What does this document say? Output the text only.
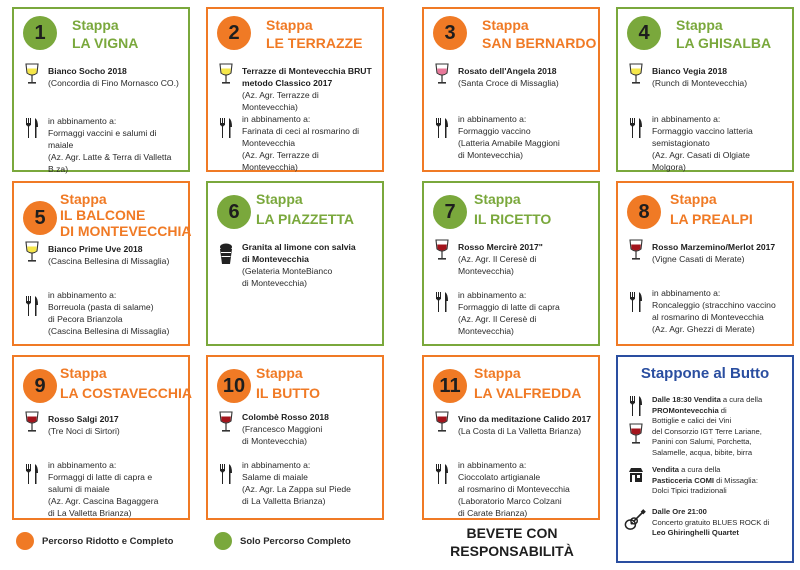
1	Stappa
LA VIGNA
Bianco Socho 2018
(Concordia di Fino Mornasco CO.)
in abbinamento a:
Formaggi vaccini e salumi di maiale
(Az. Agr. Latte & Terra di Valletta B.za)
2	Stappa
LE TERRAZZE
Terrazze di Montevecchia BRUT
metodo Classico 2017
(Az. Agr. Terrazze di Montevecchia)
in abbinamento a:
Farinata di ceci al rosmarino di
Montevecchia
(Az. Agr. Terrazze di Montevecchia)
3	Stappa
SAN BERNARDO
Rosato dell'Angela 2018
(Santa Croce di Missaglia)
in abbinamento a:
Formaggio vaccino
(Latteria Amabile Maggioni
di Montevecchia)
4	Stappa
LA GHISALBA
Bianco Vegia 2018
(Runch di Montevecchia)
in abbinamento a:
Formaggio vaccino latteria
semistagionato
(Az. Agr. Casati di Olgiate Molgora)
5
Stappa
IL BALCONE
DI MONTEVECCHIA
Bianco Prime Uve 2018
(Cascina Bellesina di Missaglia)
in abbinamento a:
Borreuola (pasta di salame)
di Pecora Brianzola
(Cascina Bellesina di Missaglia)
6
Stappa
LA PIAZZETTA
Granita al limone con salvia
di Montevecchia
(Gelateria MonteBianco
di Montevecchia)
7
Stappa
IL RICETTO
Rosso Mercirè 2017"
(Az. Agr. Il Ceresè di Montevecchia)
in abbinamento a:
Formaggio di latte di capra
(Az. Agr. Il Ceresè di Montevecchia)
8
Stappa
LA PREALPI
Rosso Marzemino/Merlot 2017
(Vigne Casati di Merate)
in abbinamento a:
Roncaleggio (stracchino vaccino
al rosmarino di Montevecchia
(Az. Agr. Ghezzi di Merate)
9
Stappa
LA COSTAVECCHIA
Rosso Salgi 2017
(Tre Noci di Sirtori)
in abbinamento a:
Formaggi di latte di capra e
salumi di maiale
(Az. Agr. Cascina Bagaggera
di La Valletta Brianza)
10
Stappa
IL BUTTO
Colombè Rosso 2018
(Francesco Maggioni
di Montevecchia)
in abbinamento a:
Salame di maiale
(Az. Agr. La Zappa sul Piede
di La Valletta Brianza)
11
Stappa
LA VALFREDDA
Vino da meditazione Calido 2017
(La Costa di La Valletta Brianza)
in abbinamento a:
Cioccolato artigianale
al rosmarino di Montevecchia
(Laboratorio Marco Colzani
di Carate Brianza)
Stappone al Butto
Dalle 18:30 Vendita a cura della
PROMontevecchia di
Bottiglie e calici dei Vini
del Consorzio IGT Terre Lariane,
Panini con Salumi, Porchetta,
Salamelle, acqua, bibite, birra
Vendita a cura della
Pasticceria COMI di Missaglia:
Dolci Tipici tradizionali
Dalle Ore 21:00
Concerto gratuito BLUES ROCK di
Leo Ghiringhelli Quartet
Percorso Ridotto e Completo	Solo Percorso Completo	BEVETE CON
RESPONSABILITÀ
